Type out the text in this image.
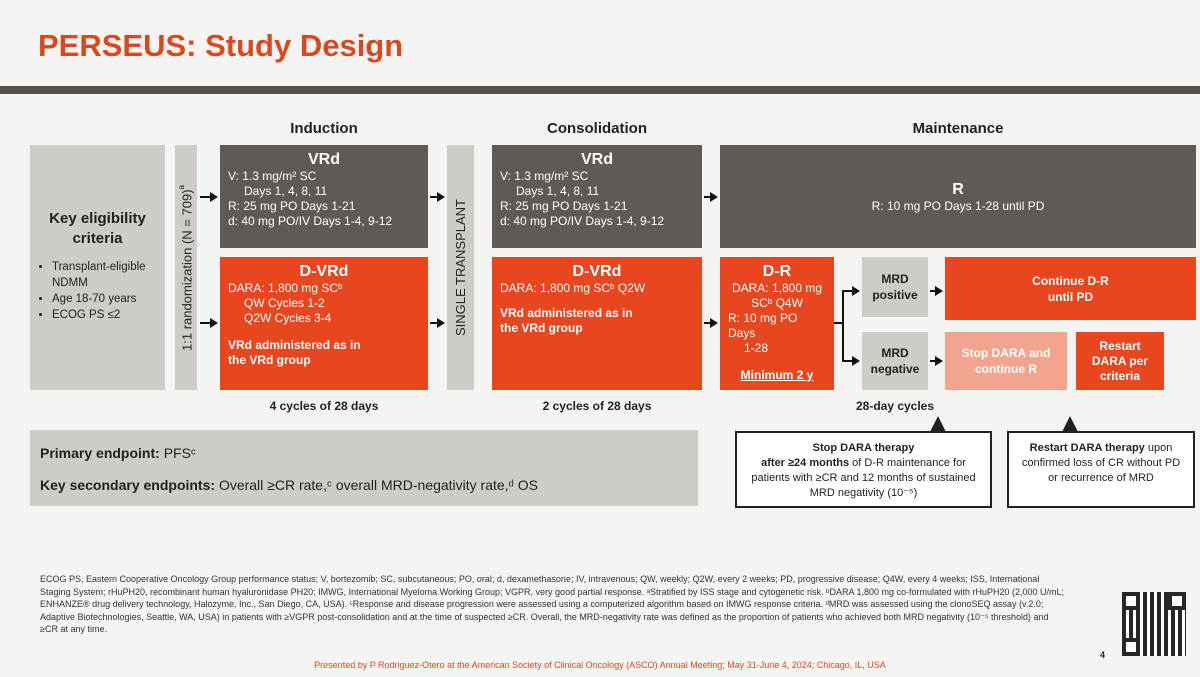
PERSEUS: Study Design
Induction	Consolidation	Maintenance
Key eligibility criteria
• Transplant-eligible NDMM
• Age 18-70 years
• ECOG PS ≤2	1:1 randomization (N = 709)$^a$
VRd
V: 1.3 mg/m² SC
Days 1, 4, 8, 11
R: 25 mg PO Days 1-21
d: 40 mg PO/IV Days 1-4, 9-12
D-VRd
DARA: 1,800 mg SCᵇ
QW Cycles 1-2
Q2W Cycles 3-4
VRd administered as in the VRd group
SINGLE TRANSPLANT
VRd
V: 1.3 mg/m² SC
Days 1, 4, 8, 11
R: 25 mg PO Days 1-21
d: 40 mg PO/IV Days 1-4, 9-12
D-VRd
DARA: 1,800 mg SCᵇ Q2W
VRd administered as in the VRd group
R
R: 10 mg PO Days 1-28 until PD
D-R
DARA: 1,800 mg
SCᵇ Q4W
R: 10 mg PO Days
1-28
Minimum 2 y
MRD positive
MRD negative
Continue D-R until PD
Stop DARA and continue R
Restart DARA per criteria
4 cycles of 28 days	2 cycles of 28 days	28-day cycles
Primary endpoint: PFSᶜ
Key secondary endpoints: Overall ≥CR rate,ᶜ overall MRD-negativity rate,ᵈ OS
Stop DARA therapy
after ≥24 months of D-R maintenance for patients with ≥CR and 12 months of sustained MRD negativity (10⁻⁵)
Restart DARA therapy upon confirmed loss of CR without PD or recurrence of MRD
ECOG PS, Eastern Cooperative Oncology Group performance status; V, bortezomib; SC, subcutaneous; PO, oral; d, dexamethasone; IV, intravenous; QW, weekly; Q2W, every 2 weeks; PD, progressive disease; Q4W, every 4 weeks; ISS, International Staging System; rHuPH20, recombinant human hyaluronidase PH20; IMWG, International Myeloma Working Group; VGPR, very good partial response. ᵃStratified by ISS stage and cytogenetic risk. ᵇDARA 1,800 mg co-formulated with rHuPH20 (2,000 U/mL; ENHANZE® drug delivery technology, Halozyme, Inc., San Diego, CA, USA). ᶜResponse and disease progression were assessed using a computerized algorithm based on IMWG response criteria. ᵈMRD was assessed using the clonoSEQ assay (v.2.0; Adaptive Biotechnologies, Seattle, WA, USA) in patients with ≥VGPR post-consolidation and at the time of suspected ≥CR. Overall, the MRD-negativity rate was defined as the proportion of patients who achieved both MRD negativity (10⁻⁵ threshold) and ≥CR at any time.
4
Presented by P Rodriguez-Otero at the American Society of Clinical Oncology (ASCO) Annual Meeting; May 31-June 4, 2024; Chicago, IL, USA
